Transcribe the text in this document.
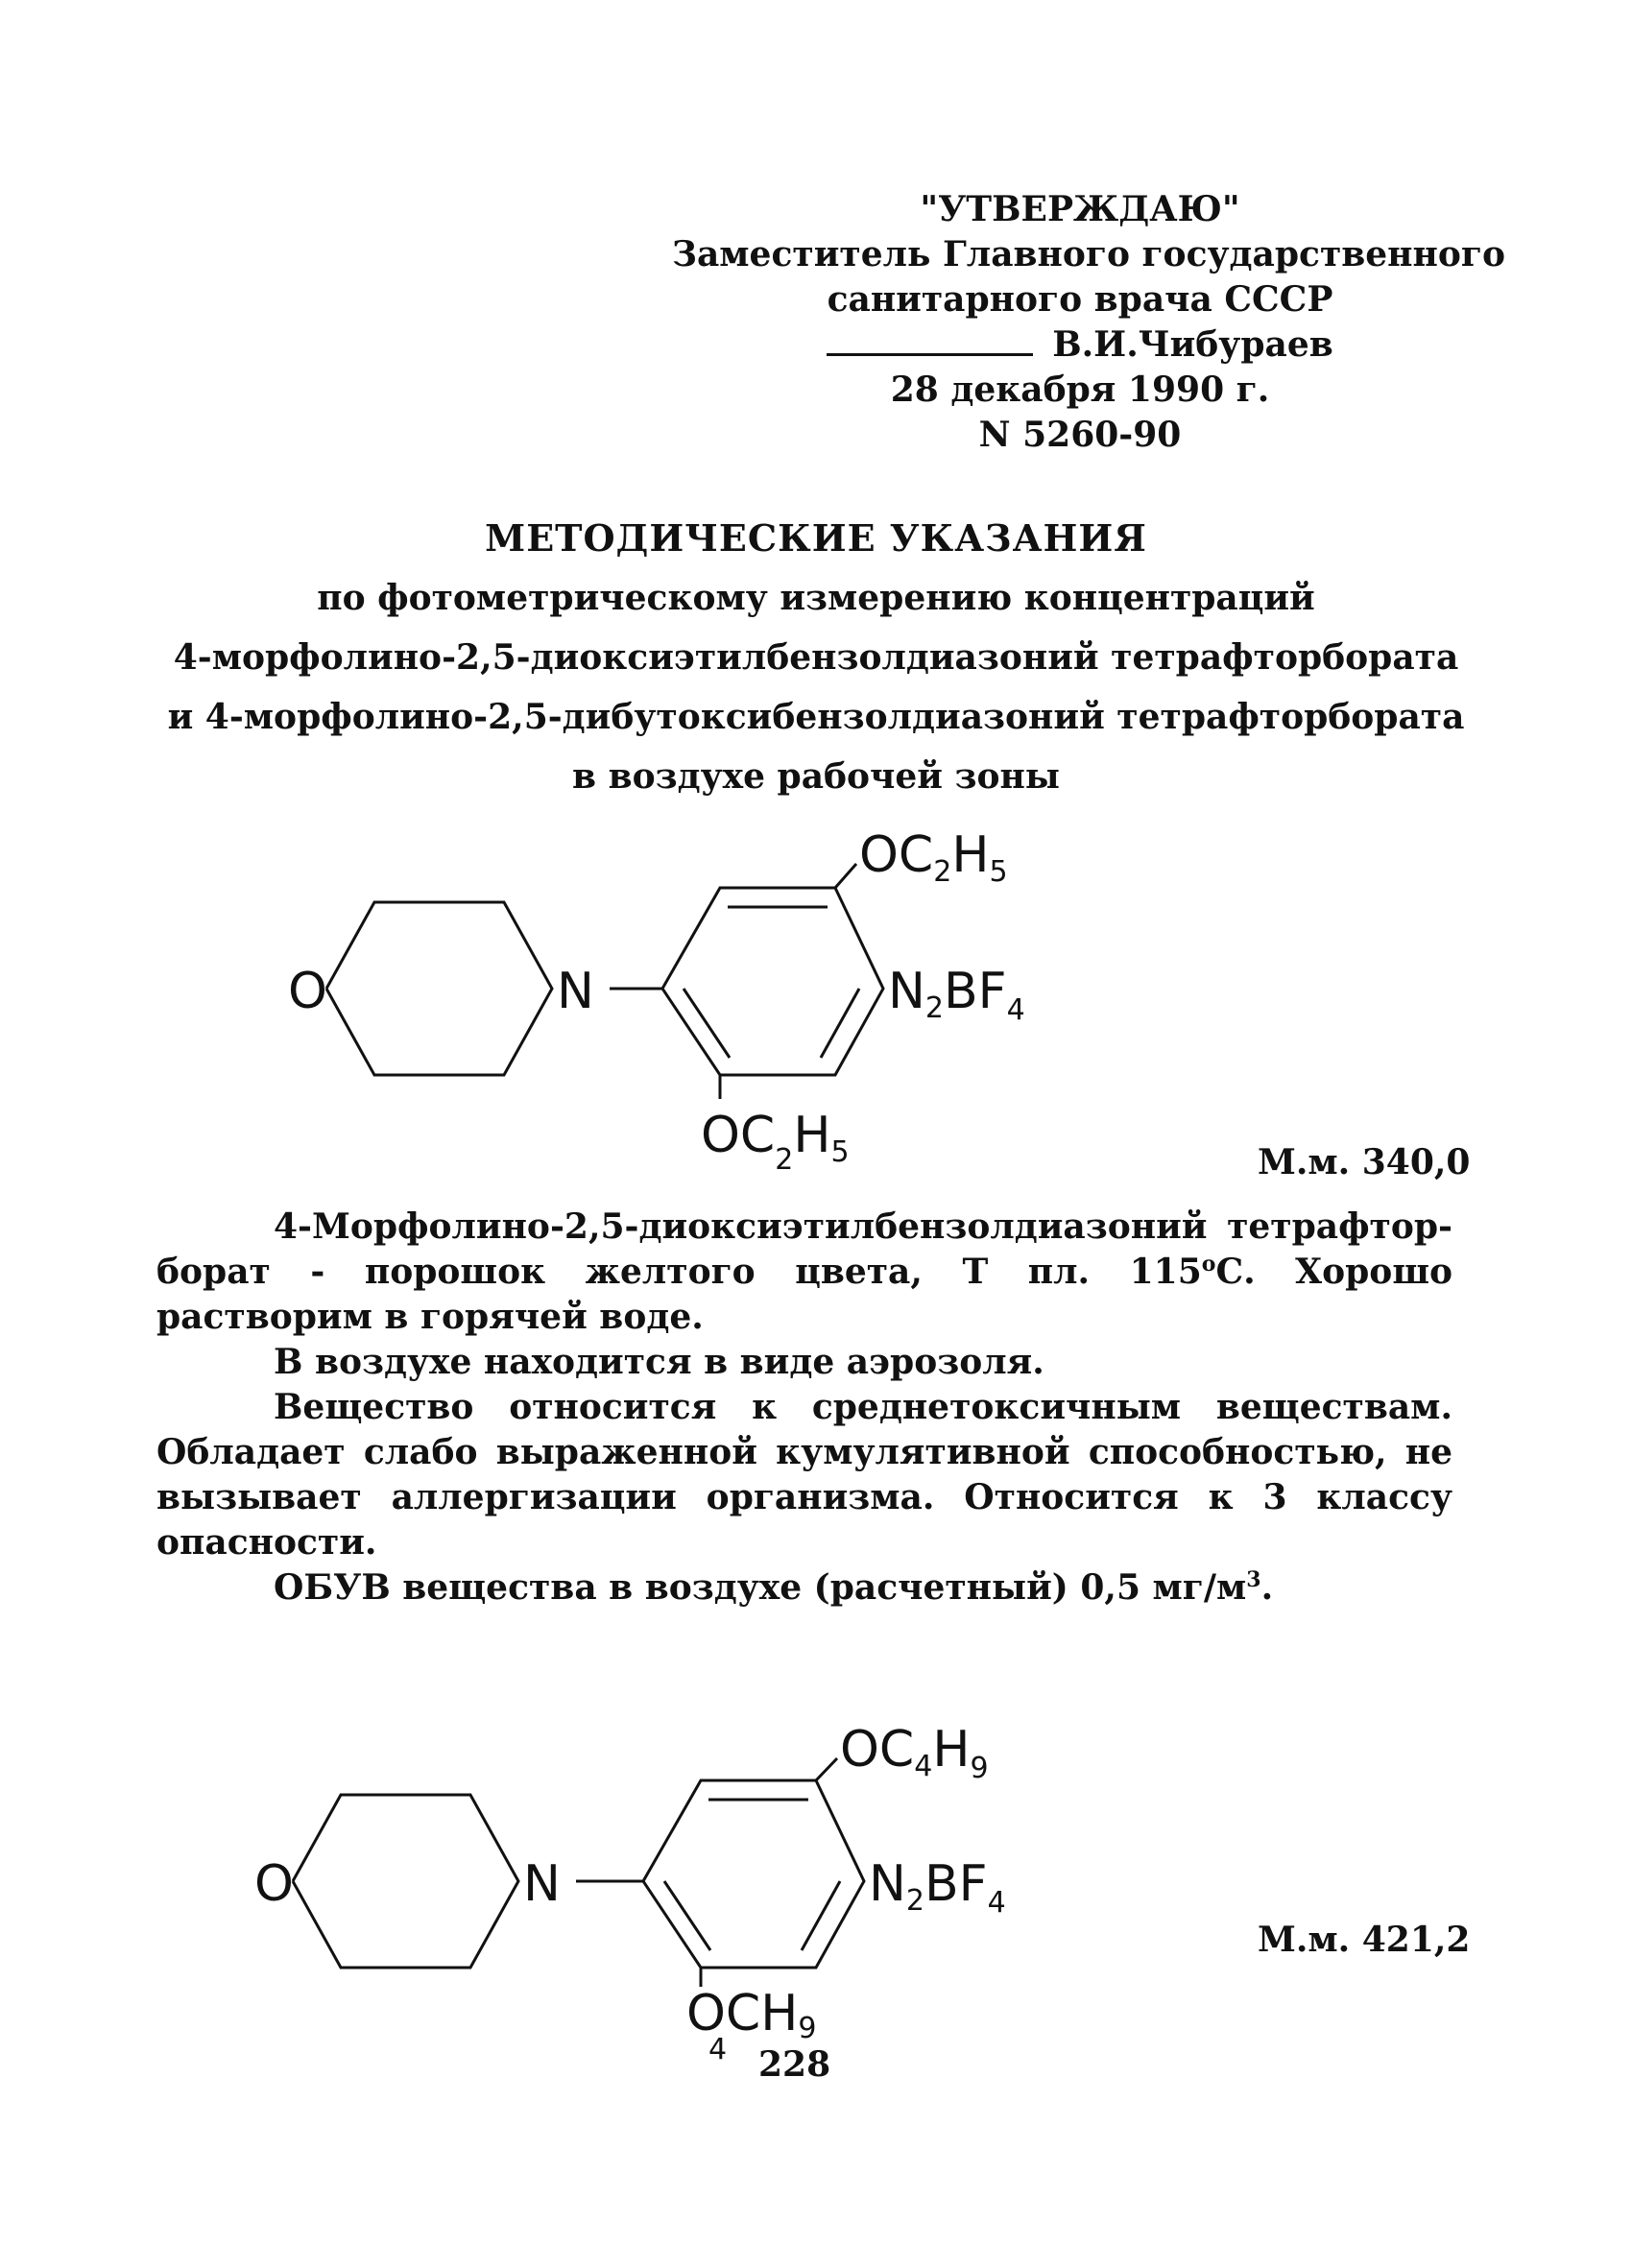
"УТВЕРЖДАЮ"
Заместитель Главного государственного
санитарного врача СССР
В.И.Чибураев
28 декабря 1990 г.
N 5260-90
МЕТОДИЧЕСКИЕ УКАЗАНИЯ
по фотометрическому измерению концентраций
4-морфолино-2,5-диоксиэтилбензолдиазоний тетрафторбората
и 4-морфолино-2,5-дибутоксибензолдиазоний тетрафторбората
в воздухе рабочей зоны
O	N
OC2H5
$N2BF_4$
$OC_2H5$	М.м. 340,0

4-Морфолино-2,5-диоксиэтилбензолдиазоний тетрафтор- борат - порошок желтого цвета, Т пл. $115^оС$. Хорошо растворим в горячей воде.

В воздухе находится в виде аэрозоля.

Вещество относится к среднетоксичным веществам. Обладает слабо выраженной кумулятивной способностью, не вызывает аллергизации организма. Относится к 3 классу опасности.

ОБУВ вещества в воздухе (расчетный) 0,5 $мг/м^3$.

O	N
$OC4H_9$
$N2BF_4$
OCH9
4
М.м. 421,2
228
